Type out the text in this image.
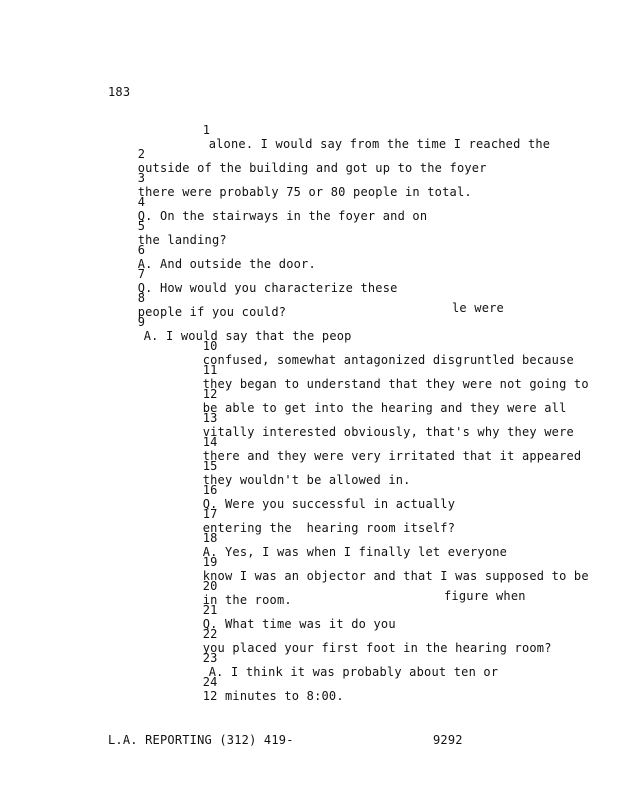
183

1
alone. I would say from the time I reached the

2
outside of the building and got up to the foyer

3
there were probably 75 or 80 people in total.

4
Q. On the stairways in the foyer and on

5
the landing?

6
A. And outside the door.

7
Q. How would you characterize these

8
people if you could?

9
A. I would say that the peop

le were

10
confused, somewhat antagonized disgruntled because

11
they began to understand that they were not going to

12
be able to get into the hearing and they were all

13
vitally interested obviously, that's why they were

14
there and they were very irritated that it appeared

15
they wouldn't be allowed in.

16
Q. Were you successful in actually

17
entering the  hearing room itself?

18
A. Yes, I was when I finally let everyone

19
know I was an objector and that I was supposed to be

20
in the room.

21
Q. What time was it do you

figure when

22
you placed your first foot in the hearing room?

23
A. I think it was probably about ten or

24
12 minutes to 8:00.

L.A. REPORTING (312) 419-	9292
